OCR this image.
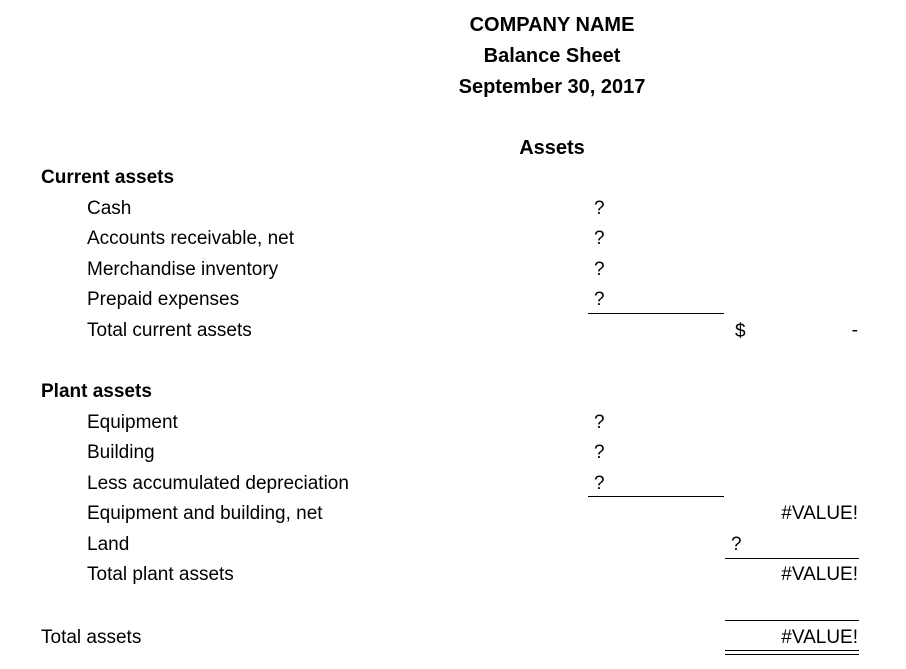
COMPANY NAME
Balance Sheet
September 30, 2017
Assets
Current assets
Cash	?
Accounts receivable, net	?
Merchandise inventory	?
Prepaid expenses	?
Total current assets	$	-
Plant assets
Equipment	?
Building	?
Less accumulated depreciation	?
Equipment and building, net	#VALUE!
Land	?
Total plant assets	#VALUE!
Total assets	#VALUE!
